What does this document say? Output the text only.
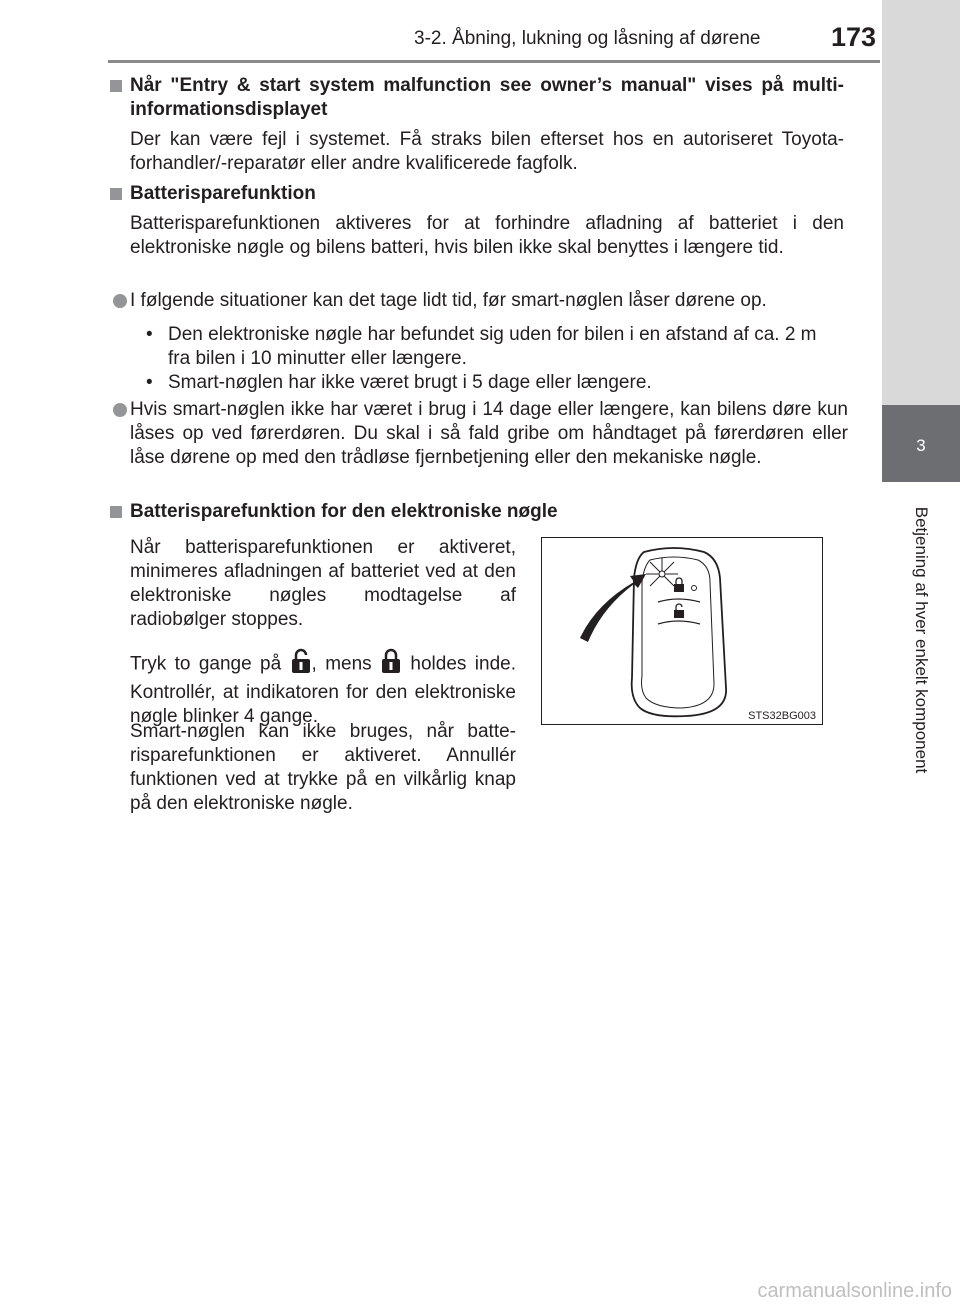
3-2. Åbning, lukning og låsning af dørene	173
3
Betjening af hver enkelt komponent
Når "Entry & start system malfunction see owner’s manual" vises på multi-informationsdisplayet
Der kan være fejl i systemet. Få straks bilen efterset hos en autoriseret Toyota-forhandler/-reparatør eller andre kvalificerede fagfolk.
Batterisparefunktion
Batterisparefunktionen aktiveres for at forhindre afladning af batteriet i den elektroniske nøgle og bilens batteri, hvis bilen ikke skal benyttes i længere tid.
I følgende situationer kan det tage lidt tid, før smart-nøglen låser dørene op.
• Den elektroniske nøgle har befundet sig uden for bilen i en afstand af ca. 2 m fra bilen i 10 minutter eller længere.
• Smart-nøglen har ikke været brugt i 5 dage eller længere.
Hvis smart-nøglen ikke har været i brug i 14 dage eller længere, kan bilens døre kun låses op ved førerdøren. Du skal i så fald gribe om håndtaget på førerdøren eller låse dørene op med den trådløse fjernbetjening eller den mekaniske nøgle.
Batterisparefunktion for den elektroniske nøgle
Når batterisparefunktionen er aktiveret, minimeres afladningen af batteriet ved at den elektroniske nøgles modtagelse af radiobølger stoppes.
Tryk to gange på , mens holdes inde. Kontrollér, at indikatoren for den elektroniske nøgle blinker 4 gange.
Smart-nøglen kan ikke bruges, når batte-risparefunktionen er aktiveret. Annullér funktionen ved at trykke på en vilkårlig knap på den elektroniske nøgle.
STS32BG003
carmanualsonline.info
